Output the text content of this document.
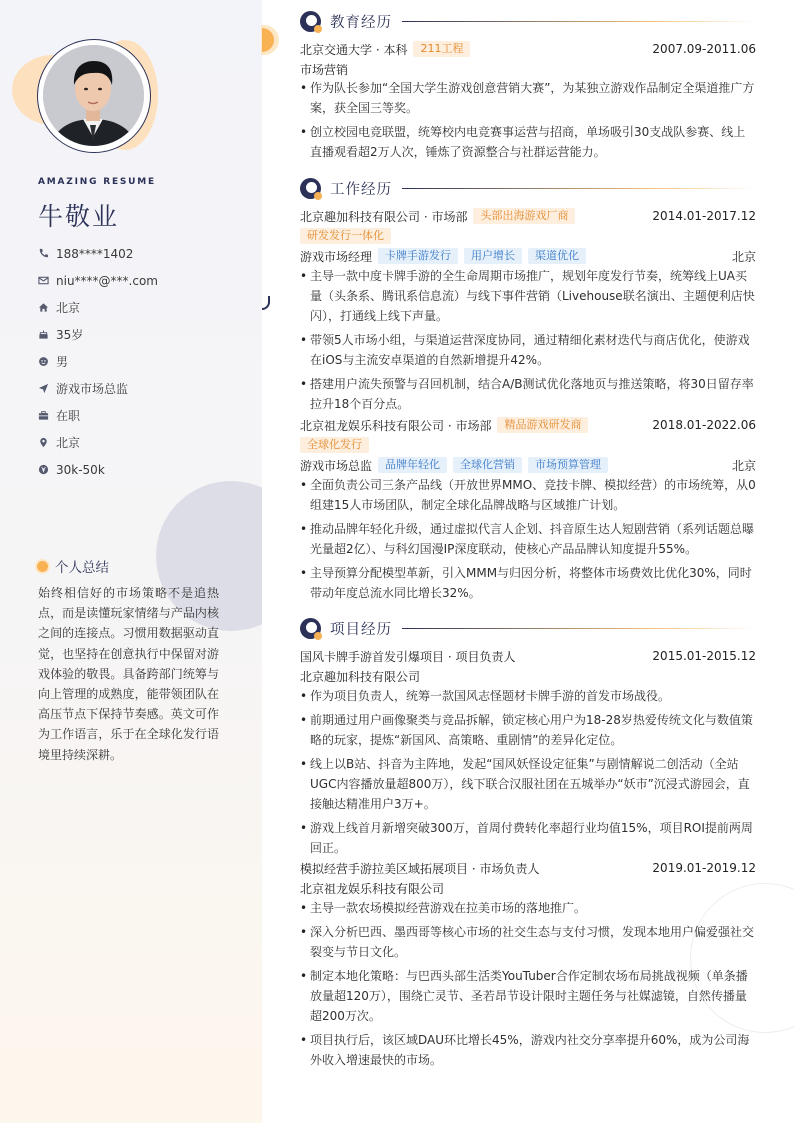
AMAZING RESUME
牛敬业
188****1402
niu****@***.com
北京
35岁
男
游戏市场总监
在职
北京
30k-50k
个人总结
始终相信好的市场策略不是追热点，而是读懂玩家情绪与产品内核之间的连接点。习惯用数据驱动直觉，也坚持在创意执行中保留对游戏体验的敬畏。具备跨部门统筹与向上管理的成熟度，能带领团队在高压节点下保持节奏感。英文可作为工作语言，乐于在全球化发行语境里持续深耕。
教育经历
北京交通大学 · 本科	211工程	2007.09-2011.06
市场营销
• 作为队长参加“全国大学生游戏创意营销大赛”，为某独立游戏作品制定全渠道推广方案，获全国三等奖。
• 创立校园电竞联盟，统筹校内电竞赛事运营与招商，单场吸引30支战队参赛、线上直播观看超2万人次，锤炼了资源整合与社群运营能力。
工作经历
北京趣加科技有限公司 · 市场部	头部出海游戏厂商	2014.01-2017.12
研发发行一体化
游戏市场经理	卡牌手游发行	用户增长	渠道优化	北京
• 主导一款中度卡牌手游的全生命周期市场推广，规划年度发行节奏，统筹线上UA买量（头条系、腾讯系信息流）与线下事件营销（Livehouse联名演出、主题便利店快闪），打通线上线下声量。
• 带领5人市场小组，与渠道运营深度协同，通过精细化素材迭代与商店优化，使游戏在iOS与主流安卓渠道的自然新增提升42%。
• 搭建用户流失预警与召回机制，结合A/B测试优化落地页与推送策略，将30日留存率拉升18个百分点。
北京祖龙娱乐科技有限公司 · 市场部	精品游戏研发商	2018.01-2022.06
全球化发行
游戏市场总监	品牌年轻化	全球化营销	市场预算管理	北京
• 全面负责公司三条产品线（开放世界MMO、竞技卡牌、模拟经营）的市场统筹，从0组建15人市场团队，制定全球化品牌战略与区域推广计划。
• 推动品牌年轻化升级，通过虚拟代言人企划、抖音原生达人短剧营销（系列话题总曝光量超2亿）、与科幻国漫IP深度联动，使核心产品品牌认知度提升55%。
• 主导预算分配模型革新，引入MMM与归因分析，将整体市场费效比优化30%，同时带动年度总流水同比增长32%。
项目经历
国风卡牌手游首发引爆项目 · 项目负责人	2015.01-2015.12
北京趣加科技有限公司
• 作为项目负责人，统筹一款国风志怪题材卡牌手游的首发市场战役。
• 前期通过用户画像聚类与竞品拆解，锁定核心用户为18-28岁热爱传统文化与数值策略的玩家，提炼“新国风、高策略、重剧情”的差异化定位。
• 线上以B站、抖音为主阵地，发起“国风妖怪设定征集”与剧情解说二创活动（全站UGC内容播放量超800万），线下联合汉服社团在五城举办“妖市”沉浸式游园会，直接触达精准用户3万+。
• 游戏上线首月新增突破300万，首周付费转化率超行业均值15%，项目ROI提前两周回正。
模拟经营手游拉美区域拓展项目 · 市场负责人	2019.01-2019.12
北京祖龙娱乐科技有限公司
• 主导一款农场模拟经营游戏在拉美市场的落地推广。
• 深入分析巴西、墨西哥等核心市场的社交生态与支付习惯，发现本地用户偏爱强社交裂变与节日文化。
• 制定本地化策略：与巴西头部生活类YouTuber合作定制农场布局挑战视频（单条播放量超120万），围绕亡灵节、圣若昂节设计限时主题任务与社媒滤镜，自然传播量超200万次。
• 项目执行后，该区域DAU环比增长45%，游戏内社交分享率提升60%，成为公司海外收入增速最快的市场。
